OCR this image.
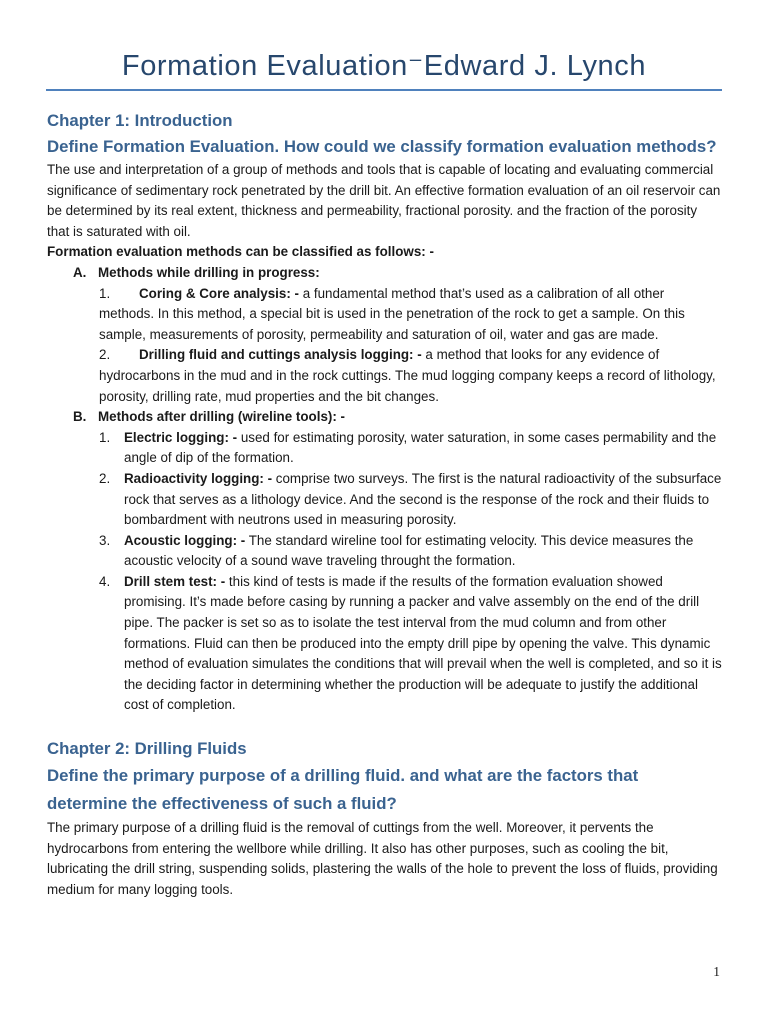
Formation Evaluation⁻Edward J. Lynch
Chapter 1: Introduction
Define Formation Evaluation. How could we classify formation evaluation methods?

The use and interpretation of a group of methods and tools that is capable of locating and evaluating commercial significance of sedimentary rock penetrated by the drill bit. An effective formation evaluation of an oil reservoir can be determined by its real extent, thickness and permeability, fractional porosity. and the fraction of the porosity that is saturated with oil.

Formation evaluation methods can be classified as follows: -

A. Methods while drilling in progress:
1. Coring & Core analysis: - a fundamental method that’s used as a calibration of all other methods. In this method, a special bit is used in the penetration of the rock to get a sample. On this sample, measurements of porosity, permeability and saturation of oil, water and gas are made.
2. Drilling fluid and cuttings analysis logging: - a method that looks for any evidence of hydrocarbons in the mud and in the rock cuttings. The mud logging company keeps a record of lithology, porosity, drilling rate, mud properties and the bit changes.
B. Methods after drilling (wireline tools): -
1. Electric logging: - used for estimating porosity, water saturation, in some cases permability and the angle of dip of the formation.
2. Radioactivity logging: - comprise two surveys. The first is the natural radioactivity of the subsurface rock that serves as a lithology device. And the second is the response of the rock and their fluids to bombardment with neutrons used in measuring porosity.
3. Acoustic logging: - The standard wireline tool for estimating velocity. This device measures the acoustic velocity of a sound wave traveling throught the formation.
4. Drill stem test: - this kind of tests is made if the results of the formation evaluation showed promising. It’s made before casing by running a packer and valve assembly on the end of the drill pipe. The packer is set so as to isolate the test interval from the mud column and from other formations. Fluid can then be produced into the empty drill pipe by opening the valve. This dynamic method of evaluation simulates the conditions that will prevail when the well is completed, and so it is the deciding factor in determining whether the production will be adequate to justify the additional cost of completion.
Chapter 2: Drilling Fluids
Define the primary purpose of a drilling fluid. and what are the factors that determine the effectiveness of such a fluid?

The primary purpose of a drilling fluid is the removal of cuttings from the well. Moreover, it pervents the hydrocarbons from entering the wellbore while drilling. It also has other purposes, such as cooling the bit, lubricating the drill string, suspending solids, plastering the walls of the hole to prevent the loss of fluids, providing medium for many logging tools.

1
